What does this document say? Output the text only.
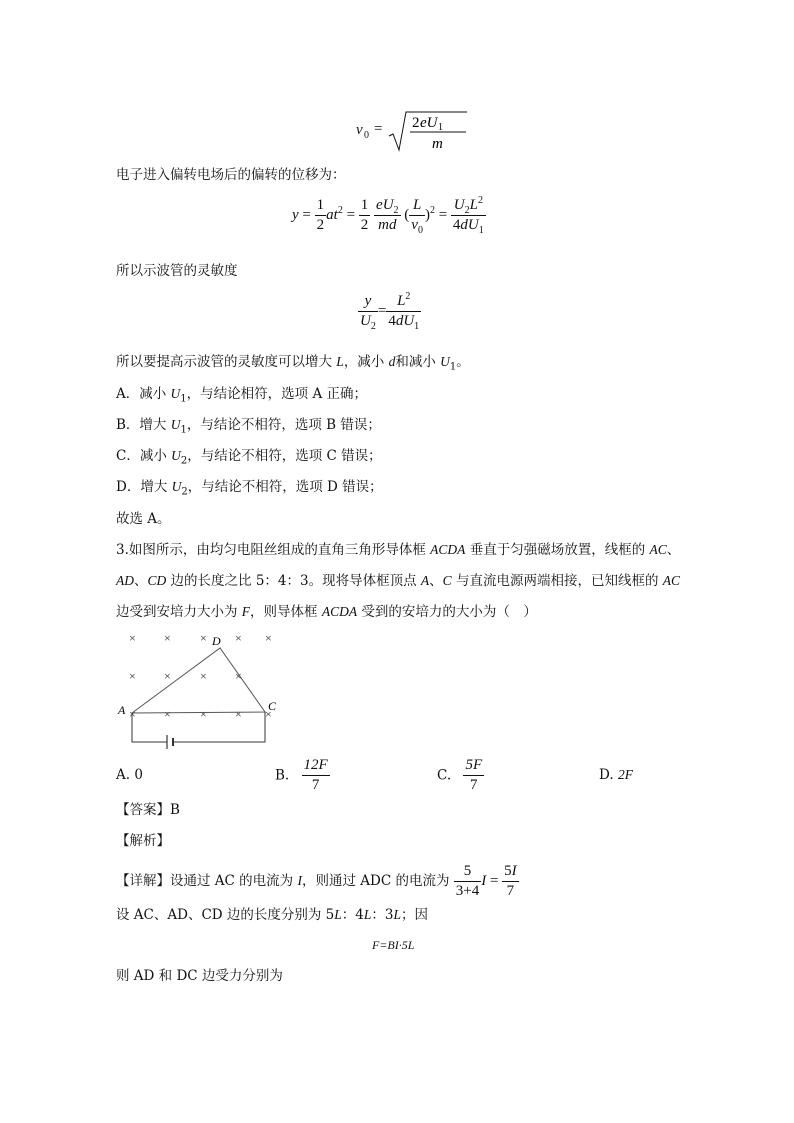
v 0 = 2 eU 1
m
电子进入偏转电场后的偏转的位移为：
$y = \frac{1}{2} at^2 = \frac{1}{2}$
$\frac{eU_2}{md}$ ( $\frac{L}{v_0} )^2 = \frac{U_2L^2}{4dU_1}$
所以示波管的灵敏度
$\frac{y}{U_2} = \frac{L^2}{4dU_1}$
所以要提高示波管的灵敏度可以增大 L，减小 d和减小 $U_1$。
A．减小 $U_1$，与结论相符，选项 A 正确；
B．增大 $U_1$，与结论不相符，选项 B 错误；
C．减小 $U_2$，与结论不相符，选项 C 错误；
D．增大 $U_2$，与结论不相符，选项 D 错误；
故选 A。
3.如图所示，由均匀电阻丝组成的直角三角形导体框 ACDA 垂直于匀强磁场放置，线框的 AC、
AD、CD 边的长度之比 5：4：3。现将导体框顶点 A、C 与直流电源两端相接，已知线框的 AC
边受到安培力大小为 F，则导体框 ACDA 受到的安培力的大小为（　）
× × × × ×
× × × ×
× × × × ×
A	C
D
A. 0	B. $\frac{12F}{7}$	C. $\frac{5F}{7}$	D. 2F
【答案】B
【解析】
【详解】设通过 AC 的电流为 I，则通过 ADC 的电流为 $\frac{5}{3+4}$ $I = \frac{5I}{7}$
设 AC、AD、CD 边的长度分别为 5L：4L：3L；因
F=BI·5L
则 AD 和 DC 边受力分别为
